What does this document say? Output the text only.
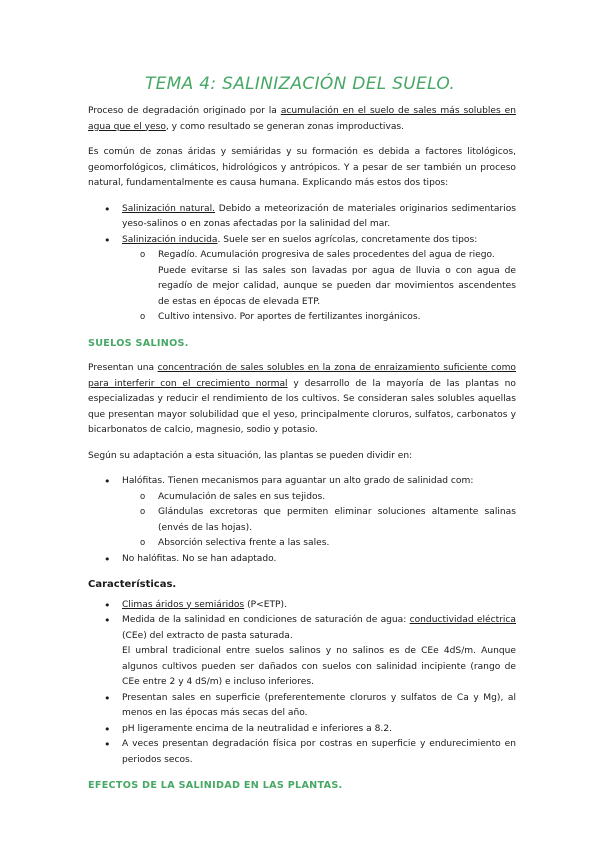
TEMA 4: SALINIZACIÓN DEL SUELO.

Proceso de degradación originado por la acumulación en el suelo de sales más solubles en agua que el yeso, y como resultado se generan zonas improductivas.

Es común de zonas áridas y semiáridas y su formación es debida a factores litológicos, geomorfológicos, climáticos, hidrológicos y antrópicos. Y a pesar de ser también un proceso natural, fundamentalmente es causa humana. Explicando más estos dos tipos:

• Salinización natural. Debido a meteorización de materiales originarios sedimentarios yeso-salinos o en zonas afectadas por la salinidad del mar.
• Salinización inducida. Suele ser en suelos agrícolas, concretamente dos tipos:
o Regadío. Acumulación progresiva de sales procedentes del agua de riego.
Puede evitarse si las sales son lavadas por agua de lluvia o con agua de regadío de mejor calidad, aunque se pueden dar movimientos ascendentes de estas en épocas de elevada ETP.
o Cultivo intensivo. Por aportes de fertilizantes inorgánicos.
SUELOS SALINOS.

Presentan una concentración de sales solubles en la zona de enraizamiento suficiente como para interferir con el crecimiento normal y desarrollo de la mayoría de las plantas no especializadas y reducir el rendimiento de los cultivos. Se consideran sales solubles aquellas que presentan mayor solubilidad que el yeso, principalmente cloruros, sulfatos, carbonatos y bicarbonatos de calcio, magnesio, sodio y potasio.

Según su adaptación a esta situación, las plantas se pueden dividir en:

• Halófitas. Tienen mecanismos para aguantar un alto grado de salinidad com:
o Acumulación de sales en sus tejidos.
o Glándulas excretoras que permiten eliminar soluciones altamente salinas (envés de las hojas).
o Absorción selectiva frente a las sales.
• No halófitas. No se han adaptado.
Características.
• Climas áridos y semiáridos (P<ETP).
• Medida de la salinidad en condiciones de saturación de agua: conductividad eléctrica (CEe) del extracto de pasta saturada.
El umbral tradicional entre suelos salinos y no salinos es de CEe 4dS/m. Aunque algunos cultivos pueden ser dañados con suelos con salinidad incipiente (rango de CEe entre 2 y 4 dS/m) e incluso inferiores.
• Presentan sales en superficie (preferentemente cloruros y sulfatos de Ca y Mg), al menos en las épocas más secas del año.
• pH ligeramente encima de la neutralidad e inferiores a 8.2.
• A veces presentan degradación física por costras en superficie y endurecimiento en periodos secos.
EFECTOS DE LA SALINIDAD EN LAS PLANTAS.
